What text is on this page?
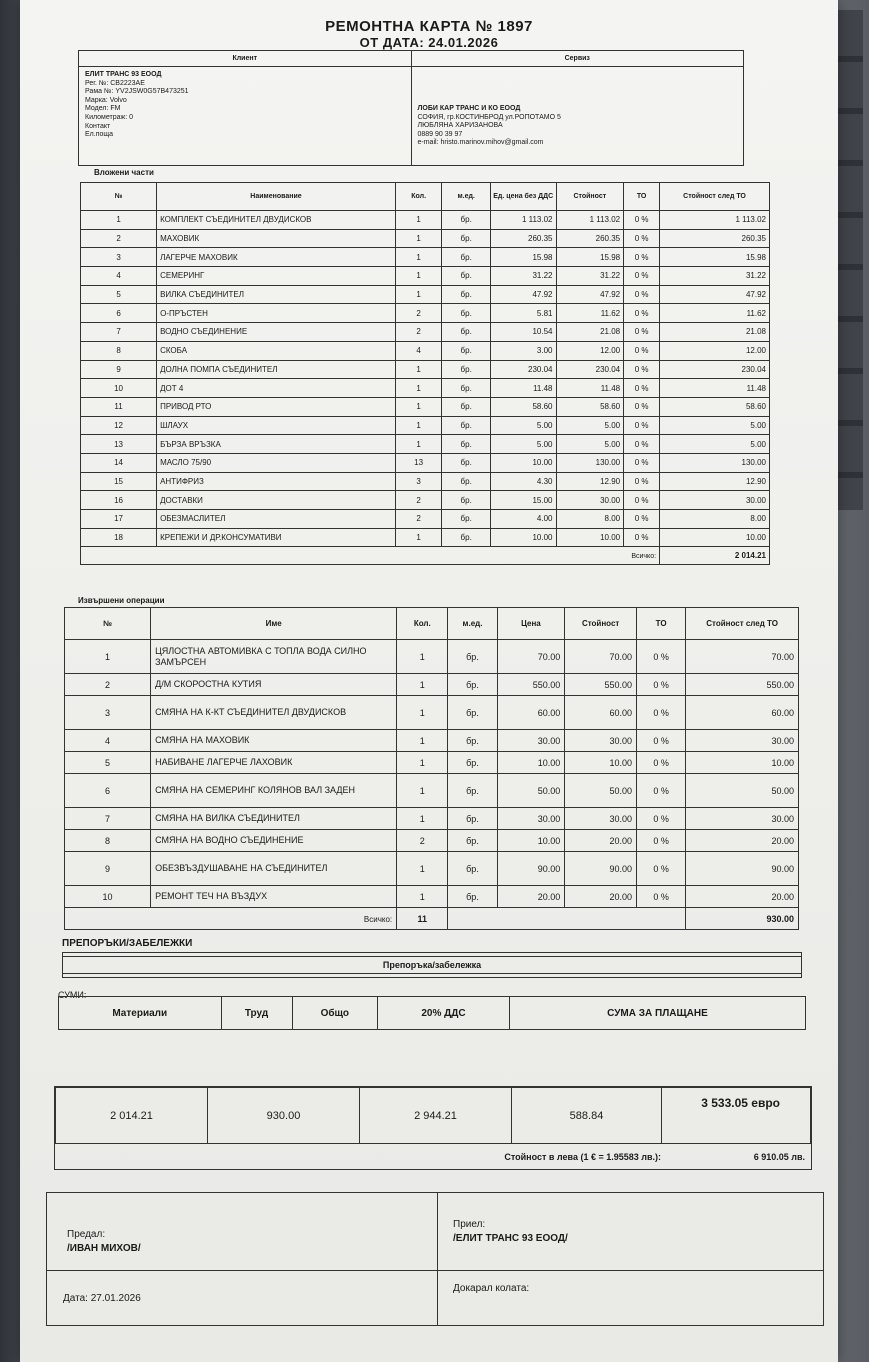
РЕМОНТНА КАРТА № 1897
ОТ ДАТА: 24.01.2026
Клиент	Сервиз
ЕЛИТ ТРАНС 93 ЕООД
Рег. №: СВ2223АЕ
Рама №: YV2JSW0G57B473251
Марка: Volvo
Модел: FM
Километраж: 0
Контакт
Ел.поща
ЛОБИ КАР ТРАНС И КО ЕООД
СОФИЯ, гр.КОСТИНБРОД ул.РОПОТАМО 5
ЛЮБЛЯНА ХАРИЗАНОВА
0889 90 39 97
e-mail: hristo.marinov.mihov@gmail.com
Вложени части
№	Наименование	Кол.	м.ед.	Ед. цена без ДДС	Стойност	ТО	Стойност след ТО
1	КОМПЛЕКТ СЪЕДИНИТЕЛ ДВУДИСКОВ	1	бр.	1 113.02	1 113.02	0 %	1 113.02
2	МАХОВИК	1	бр.	260.35	260.35	0 %	260.35
3	ЛАГЕРЧЕ МАХОВИК	1	бр.	15.98	15.98	0 %	15.98
4	СЕМЕРИНГ	1	бр.	31.22	31.22	0 %	31.22
5	ВИЛКА СЪЕДИНИТЕЛ	1	бр.	47.92	47.92	0 %	47.92
6	О-ПРЪСТЕН	2	бр.	5.81	11.62	0 %	11.62
7	ВОДНО СЪЕДИНЕНИЕ	2	бр.	10.54	21.08	0 %	21.08
8	СКОБА	4	бр.	3.00	12.00	0 %	12.00
9	ДОЛНА ПОМПА СЪЕДИНИТЕЛ	1	бр.	230.04	230.04	0 %	230.04
10	ДОТ 4	1	бр.	11.48	11.48	0 %	11.48
11	ПРИВОД РТО	1	бр.	58.60	58.60	0 %	58.60
12	ШЛАУХ	1	бр.	5.00	5.00	0 %	5.00
13	БЪРЗА ВРЪЗКА	1	бр.	5.00	5.00	0 %	5.00
14	МАСЛО 75/90	13	бр.	10.00	130.00	0 %	130.00
15	АНТИФРИЗ	3	бр.	4.30	12.90	0 %	12.90
16	ДОСТАВКИ	2	бр.	15.00	30.00	0 %	30.00
17	ОБЕЗМАСЛИТЕЛ	2	бр.	4.00	8.00	0 %	8.00
18	КРЕПЕЖИ И ДР.КОНСУМАТИВИ	1	бр.	10.00	10.00	0 %	10.00
Всичко:							2 014.21
Извършени операции
№	Име	Кол.	м.ед.	Цена	Стойност	ТО	Стойност след ТО
1	ЦЯЛОСТНА АВТОМИВКА С ТОПЛА ВОДА СИЛНО ЗАМЪРСЕН	1	бр.	70.00	70.00	0 %	70.00
2	Д/М СКОРОСТНА КУТИЯ	1	бр.	550.00	550.00	0 %	550.00
3	СМЯНА НА К-КТ СЪЕДИНИТЕЛ ДВУДИСКОВ	1	бр.	60.00	60.00	0 %	60.00
4	СМЯНА НА МАХОВИК	1	бр.	30.00	30.00	0 %	30.00
5	НАБИВАНЕ ЛАГЕРЧЕ ЛАХОВИК	1	бр.	10.00	10.00	0 %	10.00
6	СМЯНА НА СЕМЕРИНГ КОЛЯНОВ ВАЛ ЗАДЕН	1	бр.	50.00	50.00	0 %	50.00
7	СМЯНА НА ВИЛКА СЪЕДИНИТЕЛ	1	бр.	30.00	30.00	0 %	30.00
8	СМЯНА НА ВОДНО СЪЕДИНЕНИЕ	2	бр.	10.00	20.00	0 %	20.00
9	ОБЕЗВЪЗДУШАВАНЕ НА СЪЕДИНИТЕЛ	1	бр.	90.00	90.00	0 %	90.00
10	РЕМОНТ ТЕЧ НА ВЪЗДУХ	1	бр.	20.00	20.00	0 %	20.00
Всичко:		11					930.00
ПРЕПОРЪКИ/ЗАБЕЛЕЖКИ
Препоръка/забележка
СУМИ:
Материали	Труд	Общо	20% ДДС	СУМА ЗА ПЛАЩАНЕ
2 014.21	930.00	2 944.21	588.84	3 533.05 евро
Стойност в лева (1 € = 1.95583 лв.):	6 910.05 лв.
Предал:
/ИВАН МИХОВ/
Приел:
/ЕЛИТ ТРАНС 93 ЕООД/
Дата: 27.01.2026
Докарал колата:
